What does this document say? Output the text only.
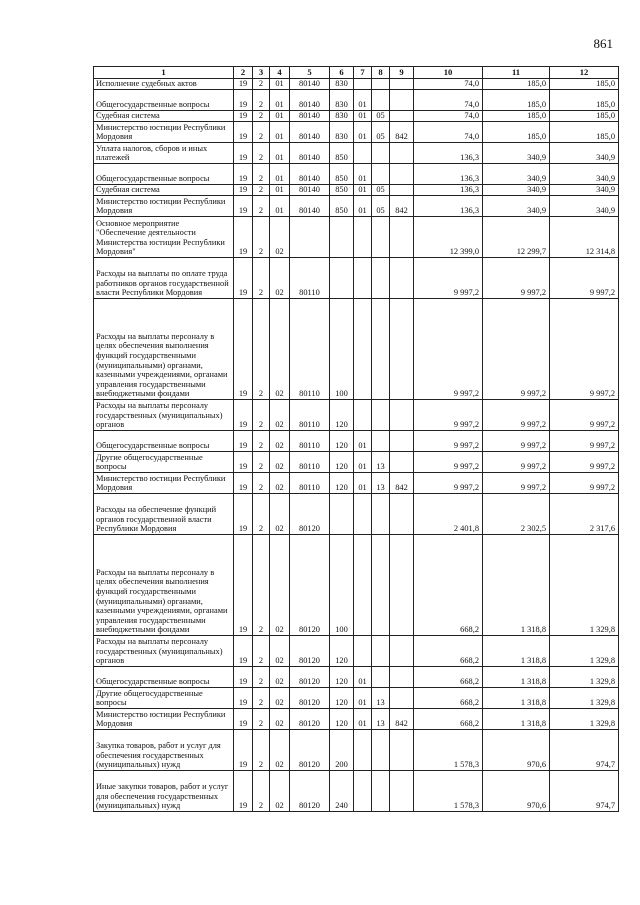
861
1	2	3	4	5	6	7	8	9	10	11	12
Исполнение судебных актов	19	2	01	80140	830				74,0	185,0	185,0
Общегосударственные вопросы	19	2	01	80140	830	01			74,0	185,0	185,0
Судебная система	19	2	01	80140	830	01	05		74,0	185,0	185,0
Министерство юстиции Республики Мордовия	19	2	01	80140	830	01	05	842	74,0	185,0	185,0
Уплата налогов, сборов и иных платежей	19	2	01	80140	850				136,3	340,9	340,9
Общегосударственные вопросы	19	2	01	80140	850	01			136,3	340,9	340,9
Судебная система	19	2	01	80140	850	01	05		136,3	340,9	340,9
Министерство юстиции Республики Мордовия	19	2	01	80140	850	01	05	842	136,3	340,9	340,9
Основное мероприятие "Обеспечение деятельности Министерства юстиции Республики Мордовия"	19	2	02						12 399,0	12 299,7	12 314,8
Расходы на выплаты по оплате труда работников органов государственной власти Республики Мордовия	19	2	02	80110					9 997,2	9 997,2	9 997,2
Расходы на выплаты персоналу в целях обеспечения выполнения функций государственными (муниципальными) органами, казенными учреждениями, органами управления государственными внебюджетными фондами	19	2	02	80110	100				9 997,2	9 997,2	9 997,2
Расходы на выплаты персоналу государственных (муниципальных) органов	19	2	02	80110	120				9 997,2	9 997,2	9 997,2
Общегосударственные вопросы	19	2	02	80110	120	01			9 997,2	9 997,2	9 997,2
Другие общегосударственные вопросы	19	2	02	80110	120	01	13		9 997,2	9 997,2	9 997,2
Министерство юстиции Республики Мордовия	19	2	02	80110	120	01	13	842	9 997,2	9 997,2	9 997,2
Расходы на обеспечение функций органов государственной власти Республики Мордовия	19	2	02	80120					2 401,8	2 302,5	2 317,6
Расходы на выплаты персоналу в целях обеспечения выполнения функций государственными (муниципальными) органами, казенными учреждениями, органами управления государственными внебюджетными фондами	19	2	02	80120	100				668,2	1 318,8	1 329,8
Расходы на выплаты персоналу государственных (муниципальных) органов	19	2	02	80120	120				668,2	1 318,8	1 329,8
Общегосударственные вопросы	19	2	02	80120	120	01			668,2	1 318,8	1 329,8
Другие общегосударственные вопросы	19	2	02	80120	120	01	13		668,2	1 318,8	1 329,8
Министерство юстиции Республики Мордовия	19	2	02	80120	120	01	13	842	668,2	1 318,8	1 329,8
Закупка товаров, работ и услуг для обеспечения государственных (муниципальных) нужд	19	2	02	80120	200				1 578,3	970,6	974,7
Иные закупки товаров, работ и услуг для обеспечения государственных (муниципальных) нужд	19	2	02	80120	240				1 578,3	970,6	974,7
